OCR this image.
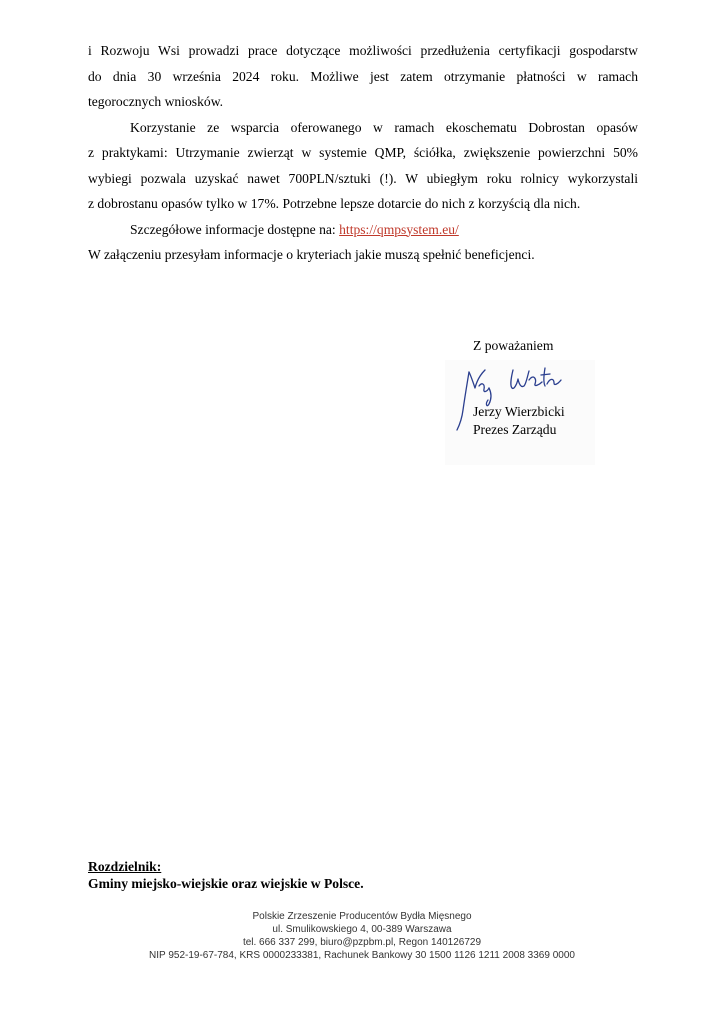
i Rozwoju Wsi prowadzi prace dotyczące możliwości przedłużenia certyfikacji gospodarstw
do dnia 30 września 2024 roku. Możliwe jest zatem otrzymanie płatności w ramach
tegorocznych wniosków.
Korzystanie ze wsparcia oferowanego w ramach ekoschematu Dobrostan opasów
z praktykami: Utrzymanie zwierząt w systemie QMP, ściółka, zwiększenie powierzchni 50%
wybiegi pozwala uzyskać nawet 700PLN/sztuki (!). W ubiegłym roku rolnicy wykorzystali
z dobrostanu opasów tylko w 17%. Potrzebne lepsze dotarcie do nich z korzyścią dla nich.
Szczegółowe informacje dostępne na: https://qmpsystem.eu/
W załączeniu przesyłam informacje o kryteriach jakie muszą spełnić beneficjenci.
Z poważaniem
Jerzy Wierzbicki
Prezes Zarządu
Rozdzielnik:
Gminy miejsko-wiejskie oraz wiejskie w Polsce.
Polskie Zrzeszenie Producentów Bydła Mięsnego
ul. Smulikowskiego 4, 00-389 Warszawa
tel. 666 337 299, biuro@pzpbm.pl, Regon 140126729
NIP 952-19-67-784, KRS 0000233381, Rachunek Bankowy 30 1500 1126 1211 2008 3369 0000
